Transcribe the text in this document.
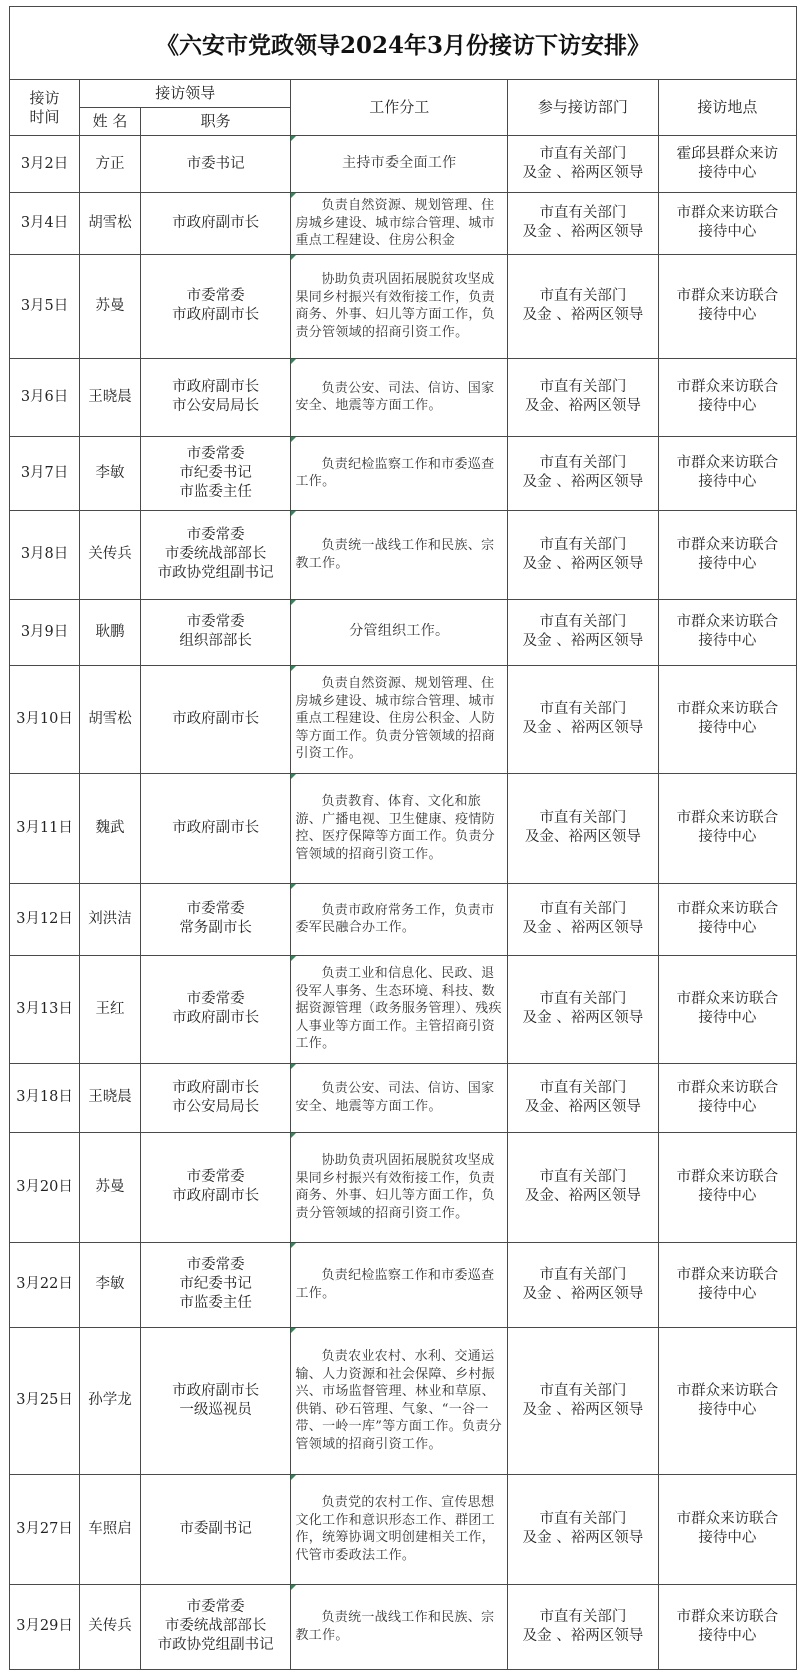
《六安市党政领导2024年3月份接访下访安排》					
接访时间	接访领导		工作分工	参与接访部门	接访地点
	姓 名	职务			
3月2日	方正	市委书记	主持市委全面工作	市直有关部门
及金 、裕两区领导	霍邱县群众来访
接待中心

3月4日	胡雪松	市政府副市长	负责自然资源、规划管理、住房城乡建设、城市综合管理、城市重点工程建设、住房公积金	市直有关部门
及金 、裕两区领导	市群众来访联合
接待中心

3月5日	苏曼	市委常委
市政府副市长	协助负责巩固拓展脱贫攻坚成果同乡村振兴有效衔接工作，负责商务、外事、妇儿等方面工作，负责分管领域的招商引资工作。	市直有关部门
及金 、裕两区领导	市群众来访联合
接待中心

3月6日	王晓晨	市政府副市长
市公安局局长	负责公安、司法、信访、国家安全、地震等方面工作。	市直有关部门
及金、裕两区领导	市群众来访联合
接待中心

3月7日	李敏	市委常委
市纪委书记
市监委主任	负责纪检监察工作和市委巡查工作。	市直有关部门
及金 、裕两区领导	市群众来访联合
接待中心

3月8日	关传兵	市委常委
市委统战部部长
市政协党组副书记	负责统一战线工作和民族、宗教工作。	市直有关部门
及金 、裕两区领导	市群众来访联合
接待中心

3月9日	耿鹏	市委常委
组织部部长	分管组织工作。	市直有关部门
及金 、裕两区领导	市群众来访联合
接待中心

3月10日	胡雪松	市政府副市长	负责自然资源、规划管理、住房城乡建设、城市综合管理、城市重点工程建设、住房公积金、人防等方面工作。负责分管领域的招商引资工作。	市直有关部门
及金 、裕两区领导	市群众来访联合
接待中心

3月11日	魏武	市政府副市长	负责教育、体育、文化和旅游、广播电视、卫生健康、疫情防控、医疗保障等方面工作。负责分管领域的招商引资工作。	市直有关部门
及金、裕两区领导	市群众来访联合
接待中心

3月12日	刘洪洁	市委常委
常务副市长	负责市政府常务工作，负责市委军民融合办工作。	市直有关部门
及金 、裕两区领导	市群众来访联合
接待中心

3月13日	王红	市委常委
市政府副市长	负责工业和信息化、民政、退役军人事务、生态环境、科技、数据资源管理（政务服务管理）、残疾人事业等方面工作。主管招商引资工作。	市直有关部门
及金 、裕两区领导	市群众来访联合
接待中心

3月18日	王晓晨	市政府副市长
市公安局局长	负责公安、司法、信访、国家安全、地震等方面工作。	市直有关部门
及金、裕两区领导	市群众来访联合
接待中心

3月20日	苏曼	市委常委
市政府副市长	协助负责巩固拓展脱贫攻坚成果同乡村振兴有效衔接工作，负责商务、外事、妇儿等方面工作，负责分管领域的招商引资工作。	市直有关部门
及金、裕两区领导	市群众来访联合
接待中心

3月22日	李敏	市委常委
市纪委书记
市监委主任	负责纪检监察工作和市委巡查工作。	市直有关部门
及金 、裕两区领导	市群众来访联合
接待中心

3月25日	孙学龙	市政府副市长
一级巡视员	负责农业农村、水利、交通运输、人力资源和社会保障、乡村振兴、市场监督管理、林业和草原、供销、砂石管理、气象、“一谷一带、一岭一库”等方面工作。负责分管领域的招商引资工作。	市直有关部门
及金 、裕两区领导	市群众来访联合
接待中心

3月27日	车照启	市委副书记	负责党的农村工作、宣传思想文化工作和意识形态工作、群团工作，统筹协调文明创建相关工作，代管市委政法工作。	市直有关部门
及金 、裕两区领导	市群众来访联合
接待中心

3月29日	关传兵	市委常委
市委统战部部长
市政协党组副书记	负责统一战线工作和民族、宗教工作。	市直有关部门
及金 、裕两区领导	市群众来访联合
接待中心
